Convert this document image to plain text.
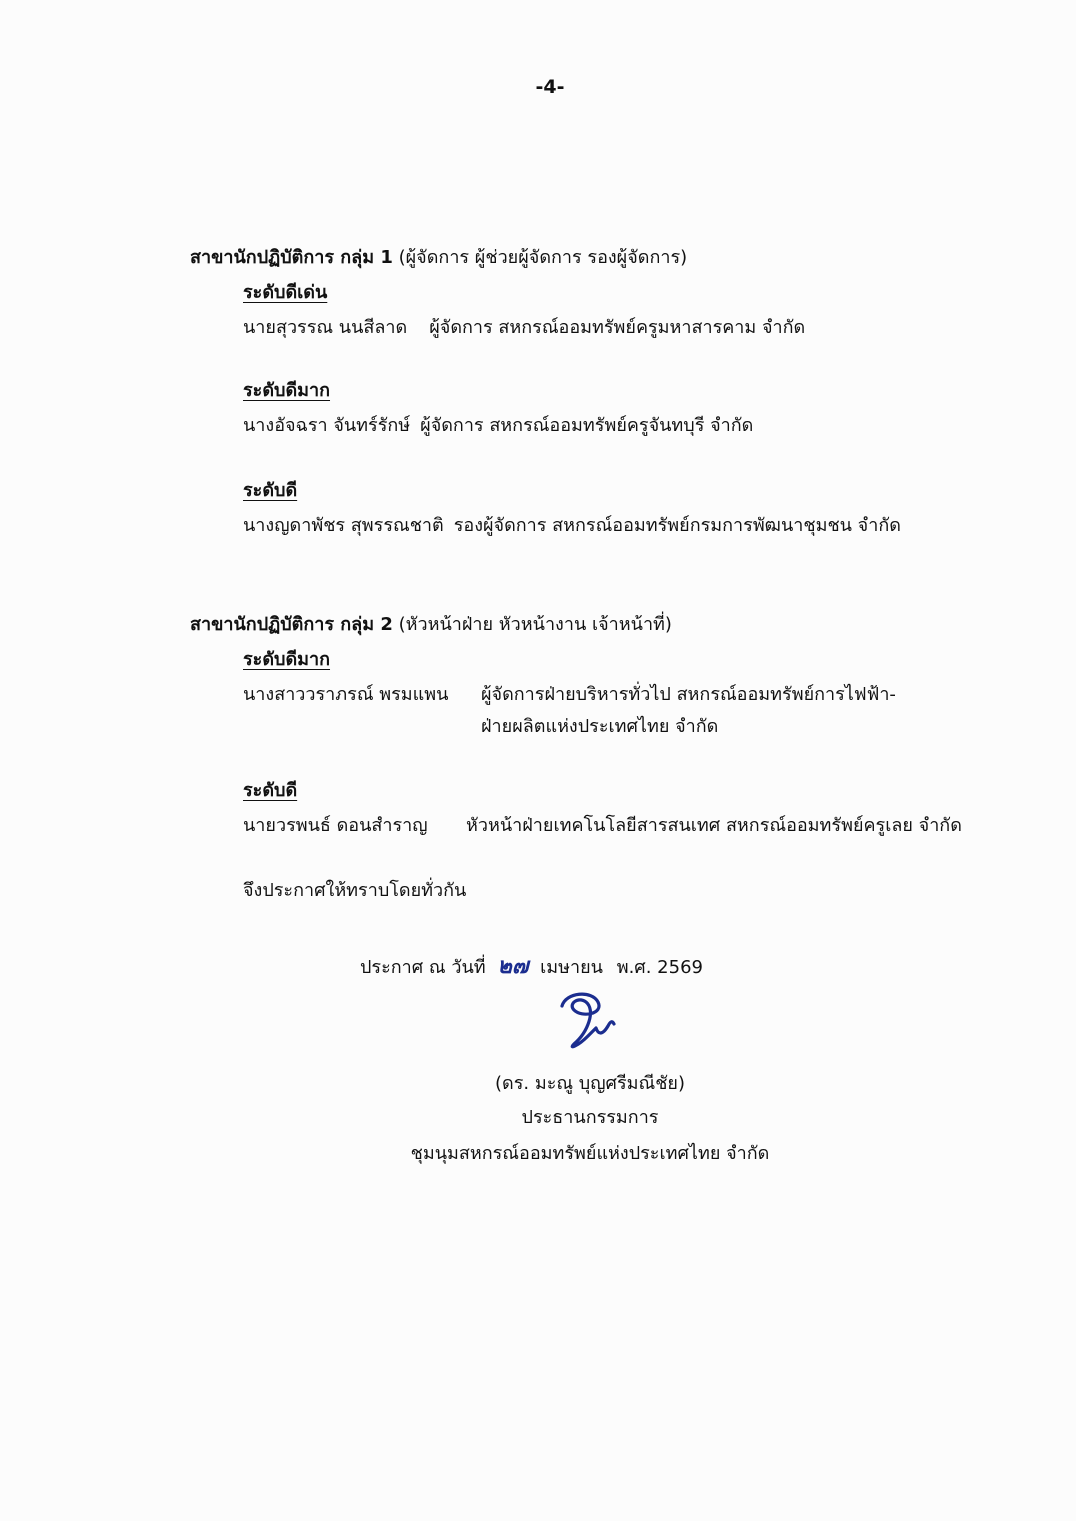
-4-
สาขานักปฏิบัติการ กลุ่ม 1 (ผู้จัดการ ผู้ช่วยผู้จัดการ รองผู้จัดการ)
ระดับดีเด่น
นายสุวรรณ นนสีลาด ผู้จัดการ สหกรณ์ออมทรัพย์ครูมหาสารคาม จำกัด
ระดับดีมาก
นางอัจฉรา จันทร์รักษ์ ผู้จัดการ สหกรณ์ออมทรัพย์ครูจันทบุรี จำกัด
ระดับดี
นางญดาพัชร สุพรรณชาติ รองผู้จัดการ สหกรณ์ออมทรัพย์กรมการพัฒนาชุมชน จำกัด
สาขานักปฏิบัติการ กลุ่ม 2 (หัวหน้าฝ่าย หัวหน้างาน เจ้าหน้าที่)
ระดับดีมาก
นางสาววราภรณ์ พรมแพน ผู้จัดการฝ่ายบริหารทั่วไป สหกรณ์ออมทรัพย์การไฟฟ้า-
ฝ่ายผลิตแห่งประเทศไทย จำกัด
ระดับดี
นายวรพนธ์ ดอนสำราญ หัวหน้าฝ่ายเทคโนโลยีสารสนเทศ สหกรณ์ออมทรัพย์ครูเลย จำกัด
จึงประกาศให้ทราบโดยทั่วกัน
ประกาศ ณ วันที่ ๒๗ เมษายน พ.ศ. 2569
(ดร. มะณู บุญศรีมณีชัย)
ประธานกรรมการ
ชุมนุมสหกรณ์ออมทรัพย์แห่งประเทศไทย จำกัด
